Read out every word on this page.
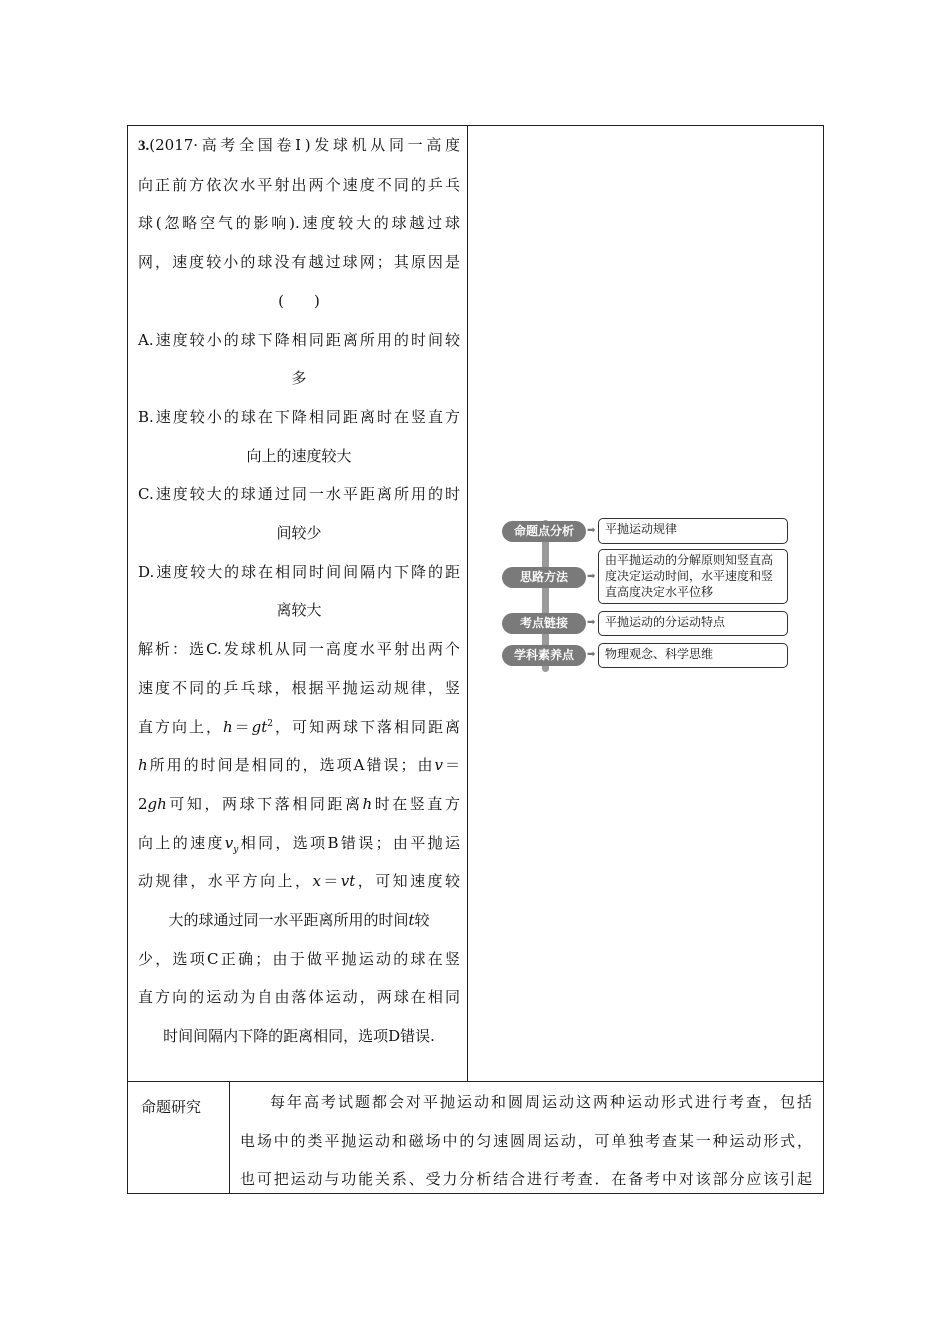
3.(2017·高考全国卷Ⅰ)发球机从同一高度

向正前方依次水平射出两个速度不同的乒乓

球(忽略空气的影响).速度较大的球越过球

网，速度较小的球没有越过球网；其原因是

(　　)

A.速度较小的球下降相同距离所用的时间较

多

B.速度较小的球在下降相同距离时在竖直方

向上的速度较大

C.速度较大的球通过同一水平距离所用的时

间较少

D.速度较大的球在相同时间间隔内下降的距

离较大

解析：选C.发球机从同一高度水平射出两个

速度不同的乒乓球，根据平抛运动规律，竖

直方向上，$h=gt^2$，可知两球下落相同距离

h所用的时间是相同的，选项A错误；由v＝

2gh可知，两球下落相同距离h时在竖直方

向上的速度$v_y$相同，选项B错误；由平抛运

动规律，水平方向上，x＝vt，可知速度较

大的球通过同一水平距离所用的时间t较

少，选项C正确；由于做平抛运动的球在竖

直方向的运动为自由落体运动，两球在相同

时间间隔内下降的距离相同，选项D错误.

命题点分析	➡ 平抛运动规律
思路方法	➡
由平抛运动的分解原则知竖直高度决定运动时间，水平速度和竖直高度决定水平位移
考点链接	➡ 平抛运动的分运动特点
学科素养点	➡ 物理观念、科学思维
命题研究	每年高考试题都会对平抛运动和圆周运动这两种运动形式进行考查，包括

电场中的类平抛运动和磁场中的匀速圆周运动，可单独考查某一种运动形式，

也可把运动与功能关系、受力分析结合进行考查．在备考中对该部分应该引起
